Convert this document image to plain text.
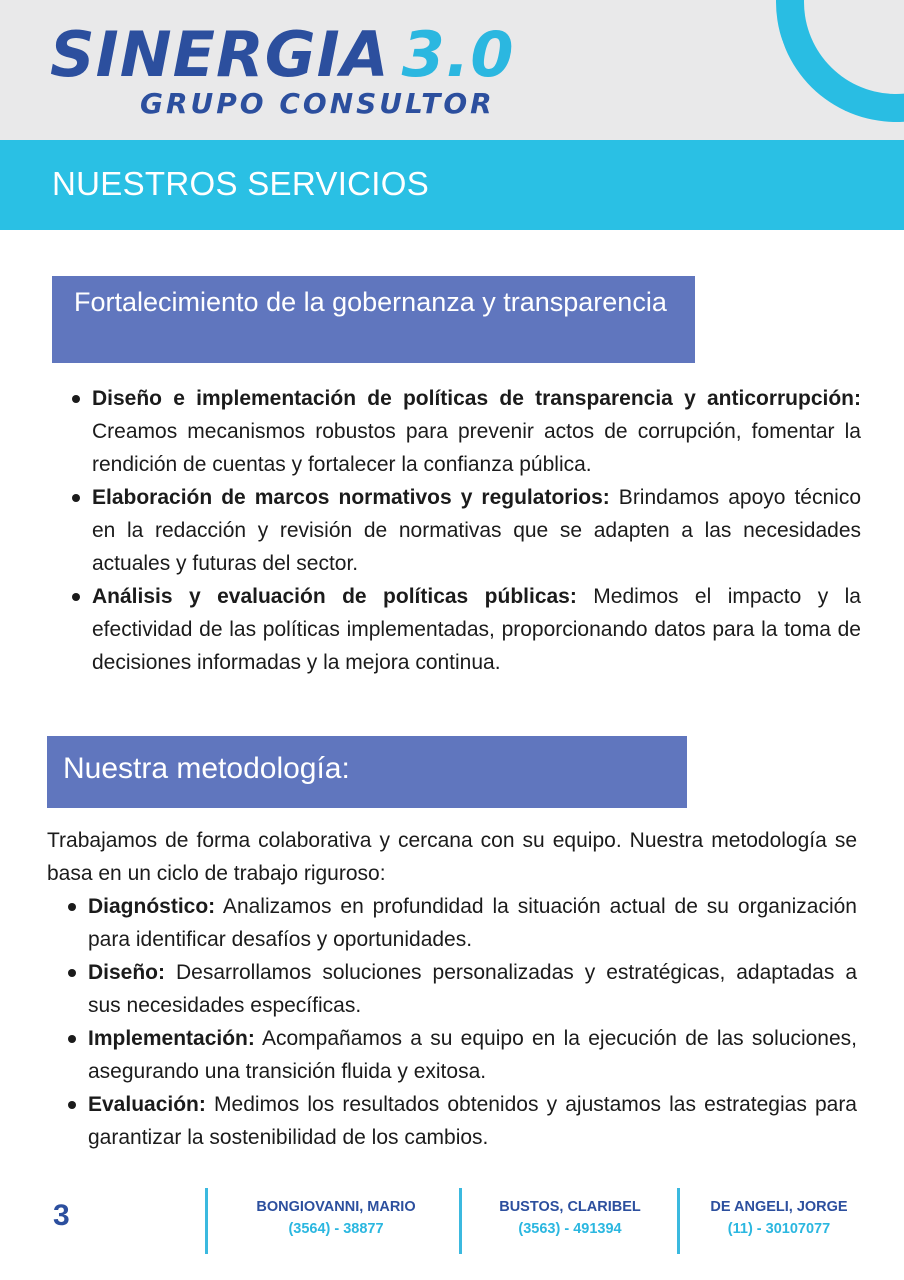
SINERGIA 3.0
GRUPO CONSULTOR
NUESTROS SERVICIOS
Fortalecimiento de la gobernanza y transparencia
Diseño e implementación de políticas de transparencia y anticorrupción: Creamos mecanismos robustos para prevenir actos de corrupción, fomentar la rendición de cuentas y fortalecer la confianza pública.
Elaboración de marcos normativos y regulatorios: Brindamos apoyo técnico en la redacción y revisión de normativas que se adapten a las necesidades actuales y futuras del sector.
Análisis y evaluación de políticas públicas: Medimos el impacto y la efectividad de las políticas implementadas, proporcionando datos para la toma de decisiones informadas y la mejora continua.
Nuestra metodología:

Trabajamos de forma colaborativa y cercana con su equipo. Nuestra metodología se basa en un ciclo de trabajo riguroso:

Diagnóstico: Analizamos en profundidad la situación actual de su organización para identificar desafíos y oportunidades.
Diseño: Desarrollamos soluciones personalizadas y estratégicas, adaptadas a sus necesidades específicas.
Implementación: Acompañamos a su equipo en la ejecución de las soluciones, asegurando una transición fluida y exitosa.
Evaluación: Medimos los resultados obtenidos y ajustamos las estrategias para garantizar la sostenibilidad de los cambios.
3	BONGIOVANNI, MARIO
(3564) - 38877
BUSTOS, CLARIBEL
(3563) - 491394
DE ANGELI, JORGE
(11) - 30107077
